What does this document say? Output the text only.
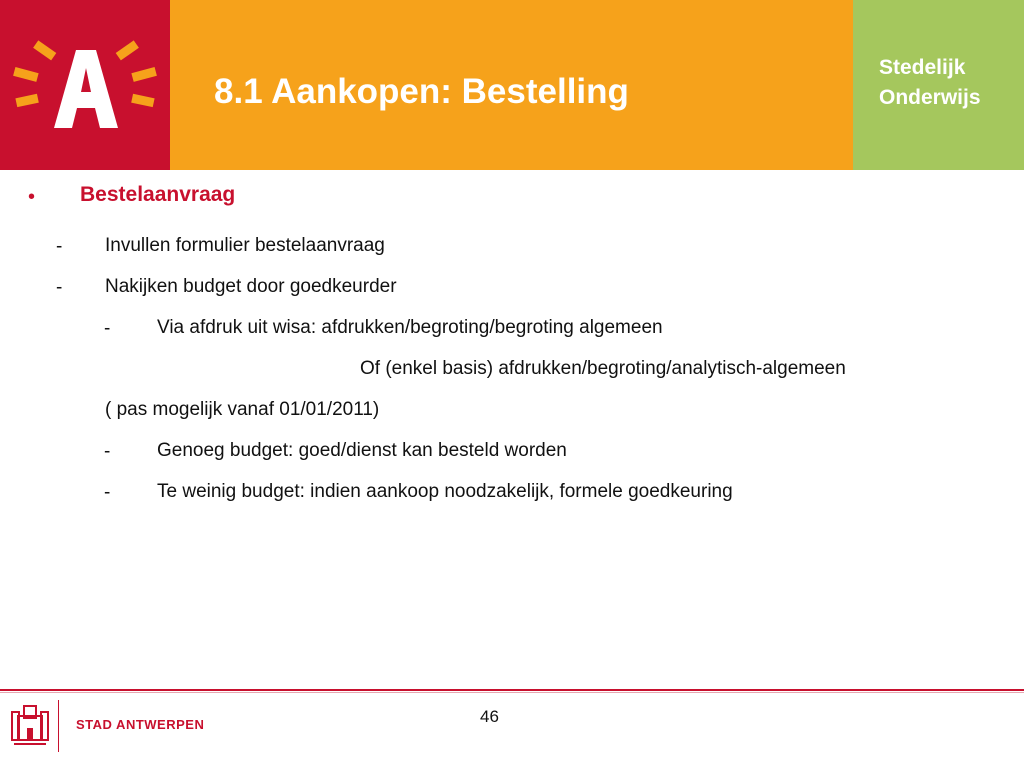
8.1 Aankopen: Bestelling
Stedelijk
Onderwijs
• Bestelaanvraag
- Invullen formulier bestelaanvraag
- Nakijken budget door goedkeurder
- Via afdruk uit wisa: afdrukken/begroting/begroting algemeen
Of (enkel basis) afdrukken/begroting/analytisch-algemeen
( pas mogelijk vanaf 01/01/2011)
- Genoeg budget: goed/dienst kan besteld worden
- Te weinig budget: indien aankoop noodzakelijk, formele goedkeuring
STAD ANTWERPEN	46
